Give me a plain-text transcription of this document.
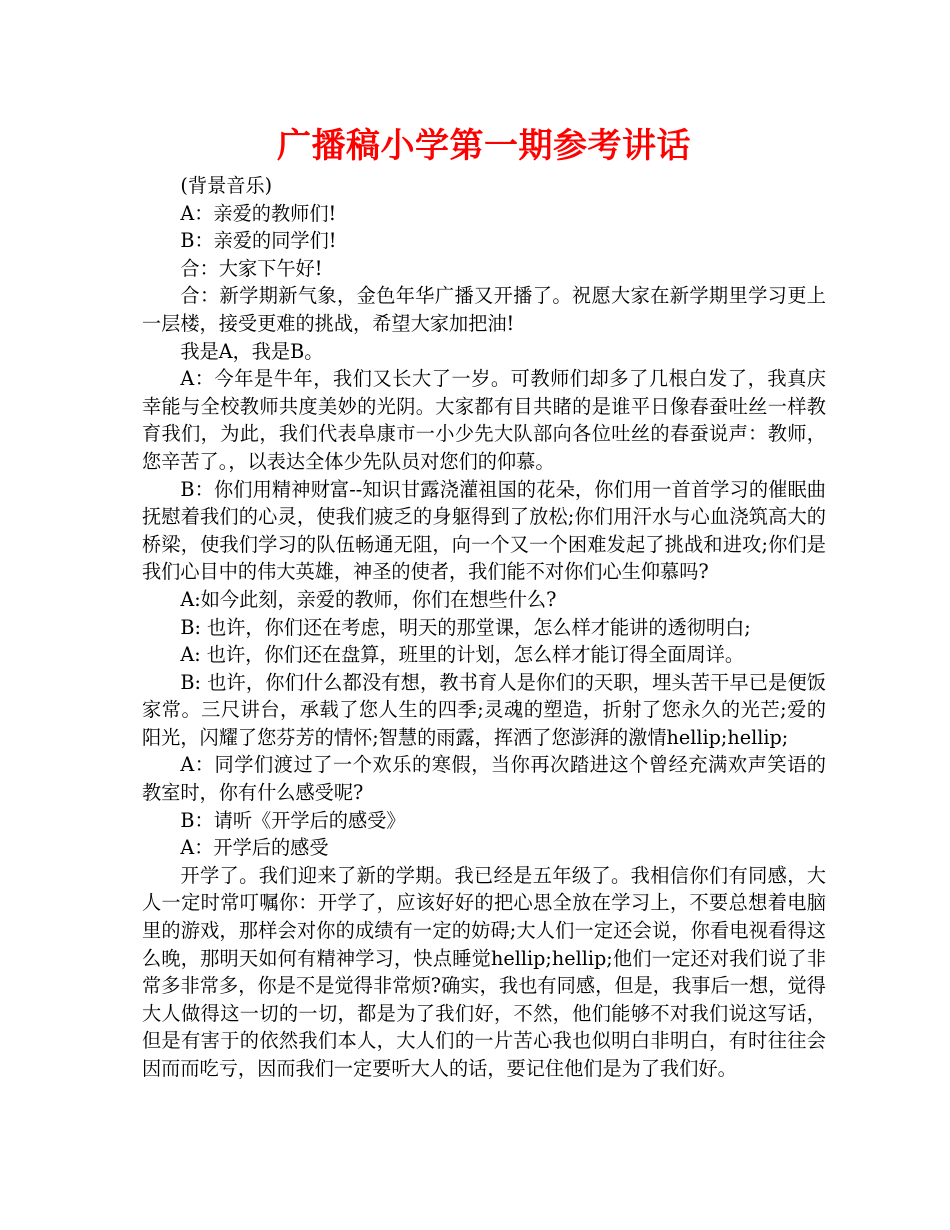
广播稿小学第一期参考讲话

(背景音乐)

A：亲爱的教师们!

B：亲爱的同学们!

合：大家下午好!

合：新学期新气象，金色年华广播又开播了。祝愿大家在新学期里学习更上一层楼，接受更难的挑战，希望大家加把油!

我是A，我是B。

A：今年是牛年，我们又长大了一岁。可教师们却多了几根白发了，我真庆幸能与全校教师共度美妙的光阴。大家都有目共睹的是谁平日像春蚕吐丝一样教育我们，为此，我们代表阜康市一小少先大队部向各位吐丝的春蚕说声：教师，您辛苦了。，以表达全体少先队员对您们的仰慕。

B：你们用精神财富--知识甘露浇灌祖国的花朵，你们用一首首学习的催眠曲抚慰着我们的心灵，使我们疲乏的身躯得到了放松;你们用汗水与心血浇筑高大的桥梁，使我们学习的队伍畅通无阻，向一个又一个困难发起了挑战和进攻;你们是我们心目中的伟大英雄，神圣的使者，我们能不对你们心生仰慕吗?

A:如今此刻，亲爱的教师，你们在想些什么?

B: 也许，你们还在考虑，明天的那堂课，怎么样才能讲的透彻明白;

A: 也许，你们还在盘算，班里的计划，怎么样才能订得全面周详。

B: 也许，你们什么都没有想，教书育人是你们的天职，埋头苦干早已是便饭家常。三尺讲台，承载了您人生的四季;灵魂的塑造，折射了您永久的光芒;爱的阳光，闪耀了您芬芳的情怀;智慧的雨露，挥洒了您澎湃的激情hellip;hellip;

A：同学们渡过了一个欢乐的寒假，当你再次踏进这个曾经充满欢声笑语的教室时，你有什么感受呢?

B：请听《开学后的感受》

A：开学后的感受

开学了。我们迎来了新的学期。我已经是五年级了。我相信你们有同感，大人一定时常叮嘱你：开学了，应该好好的把心思全放在学习上，不要总想着电脑里的游戏，那样会对你的成绩有一定的妨碍;大人们一定还会说，你看电视看得这么晚，那明天如何有精神学习，快点睡觉hellip;hellip;他们一定还对我们说了非常多非常多，你是不是觉得非常烦?确实，我也有同感，但是，我事后一想，觉得大人做得这一切的一切，都是为了我们好，不然，他们能够不对我们说这写话，但是有害于的依然我们本人，大人们的一片苦心我也似明白非明白，有时往往会因而而吃亏，因而我们一定要听大人的话，要记住他们是为了我们好。
